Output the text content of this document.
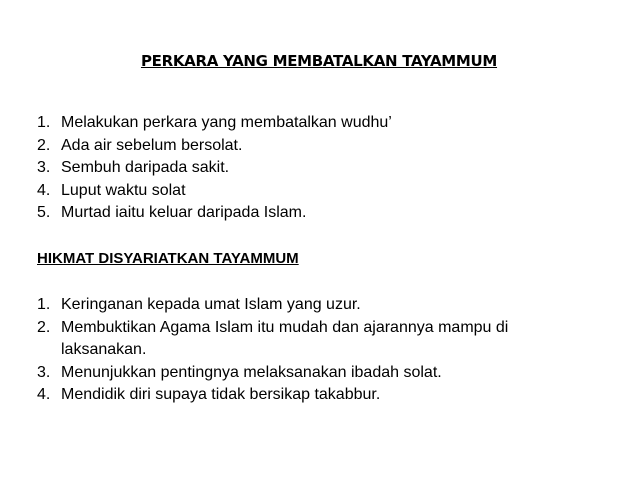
PERKARA YANG MEMBATALKAN TAYAMMUM
1. Melakukan perkara yang membatalkan wudhu’
2. Ada air sebelum bersolat.
3. Sembuh daripada sakit.
4. Luput waktu solat
5. Murtad iaitu keluar daripada Islam.
HIKMAT DISYARIATKAN TAYAMMUM
1. Keringanan kepada umat Islam yang uzur.
2. Membuktikan Agama Islam itu mudah dan ajarannya mampu di laksanakan.
3. Menunjukkan pentingnya melaksanakan ibadah solat.
4. Mendidik diri supaya tidak bersikap takabbur.
